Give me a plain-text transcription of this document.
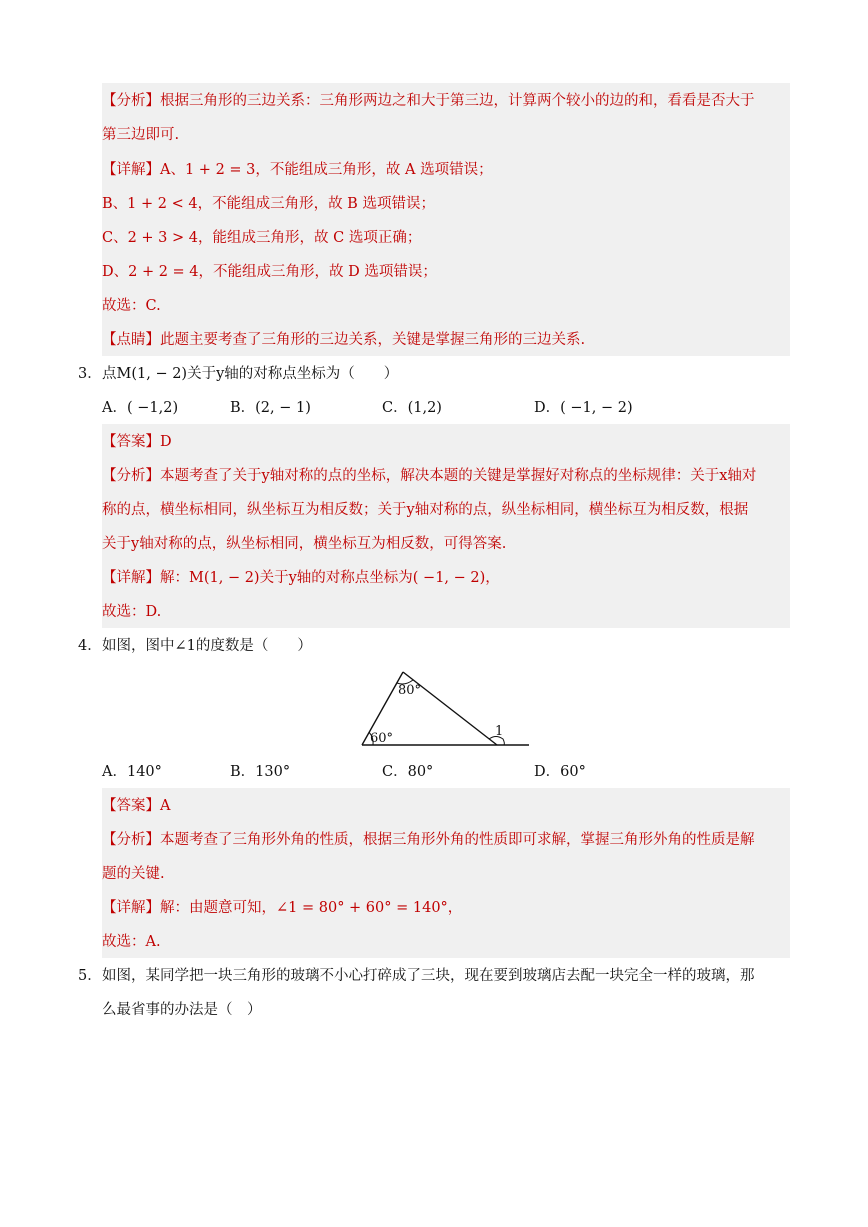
【分析】根据三角形的三边关系：三角形两边之和大于第三边，计算两个较小的边的和，看看是否大于
第三边即可.
【详解】A、1 + 2 = 3，不能组成三角形，故 A 选项错误；
B、1 + 2 < 4，不能组成三角形，故 B 选项错误；
C、2 + 3 > 4，能组成三角形，故 C 选项正确；
D、2 + 2 = 4，不能组成三角形，故 D 选项错误；
故选：C.
【点睛】此题主要考查了三角形的三边关系，关键是掌握三角形的三边关系.
3． 点M(1, − 2)关于y轴的对称点坐标为（　　）
A．( −1,2)	B．(2, − 1)	C．(1,2)	D．( −1, − 2)
【答案】D
【分析】本题考查了关于y轴对称的点的坐标，解决本题的关键是掌握好对称点的坐标规律：关于x轴对
称的点，横坐标相同，纵坐标互为相反数；关于y轴对称的点，纵坐标相同，横坐标互为相反数，根据
关于y轴对称的点，纵坐标相同，横坐标互为相反数，可得答案.
【详解】解：M(1, − 2)关于y轴的对称点坐标为( −1, − 2)，
故选：D.
4． 如图，图中∠1的度数是（　　）
80°
60°	1
A．140°	B．130°	C．80°	D．60°
【答案】A
【分析】本题考查了三角形外角的性质，根据三角形外角的性质即可求解，掌握三角形外角的性质是解
题的关键.
【详解】解：由题意可知，∠1 = 80° + 60° = 140°，
故选：A.
5． 如图，某同学把一块三角形的玻璃不小心打碎成了三块，现在要到玻璃店去配一块完全一样的玻璃，那
么最省事的办法是（　）
